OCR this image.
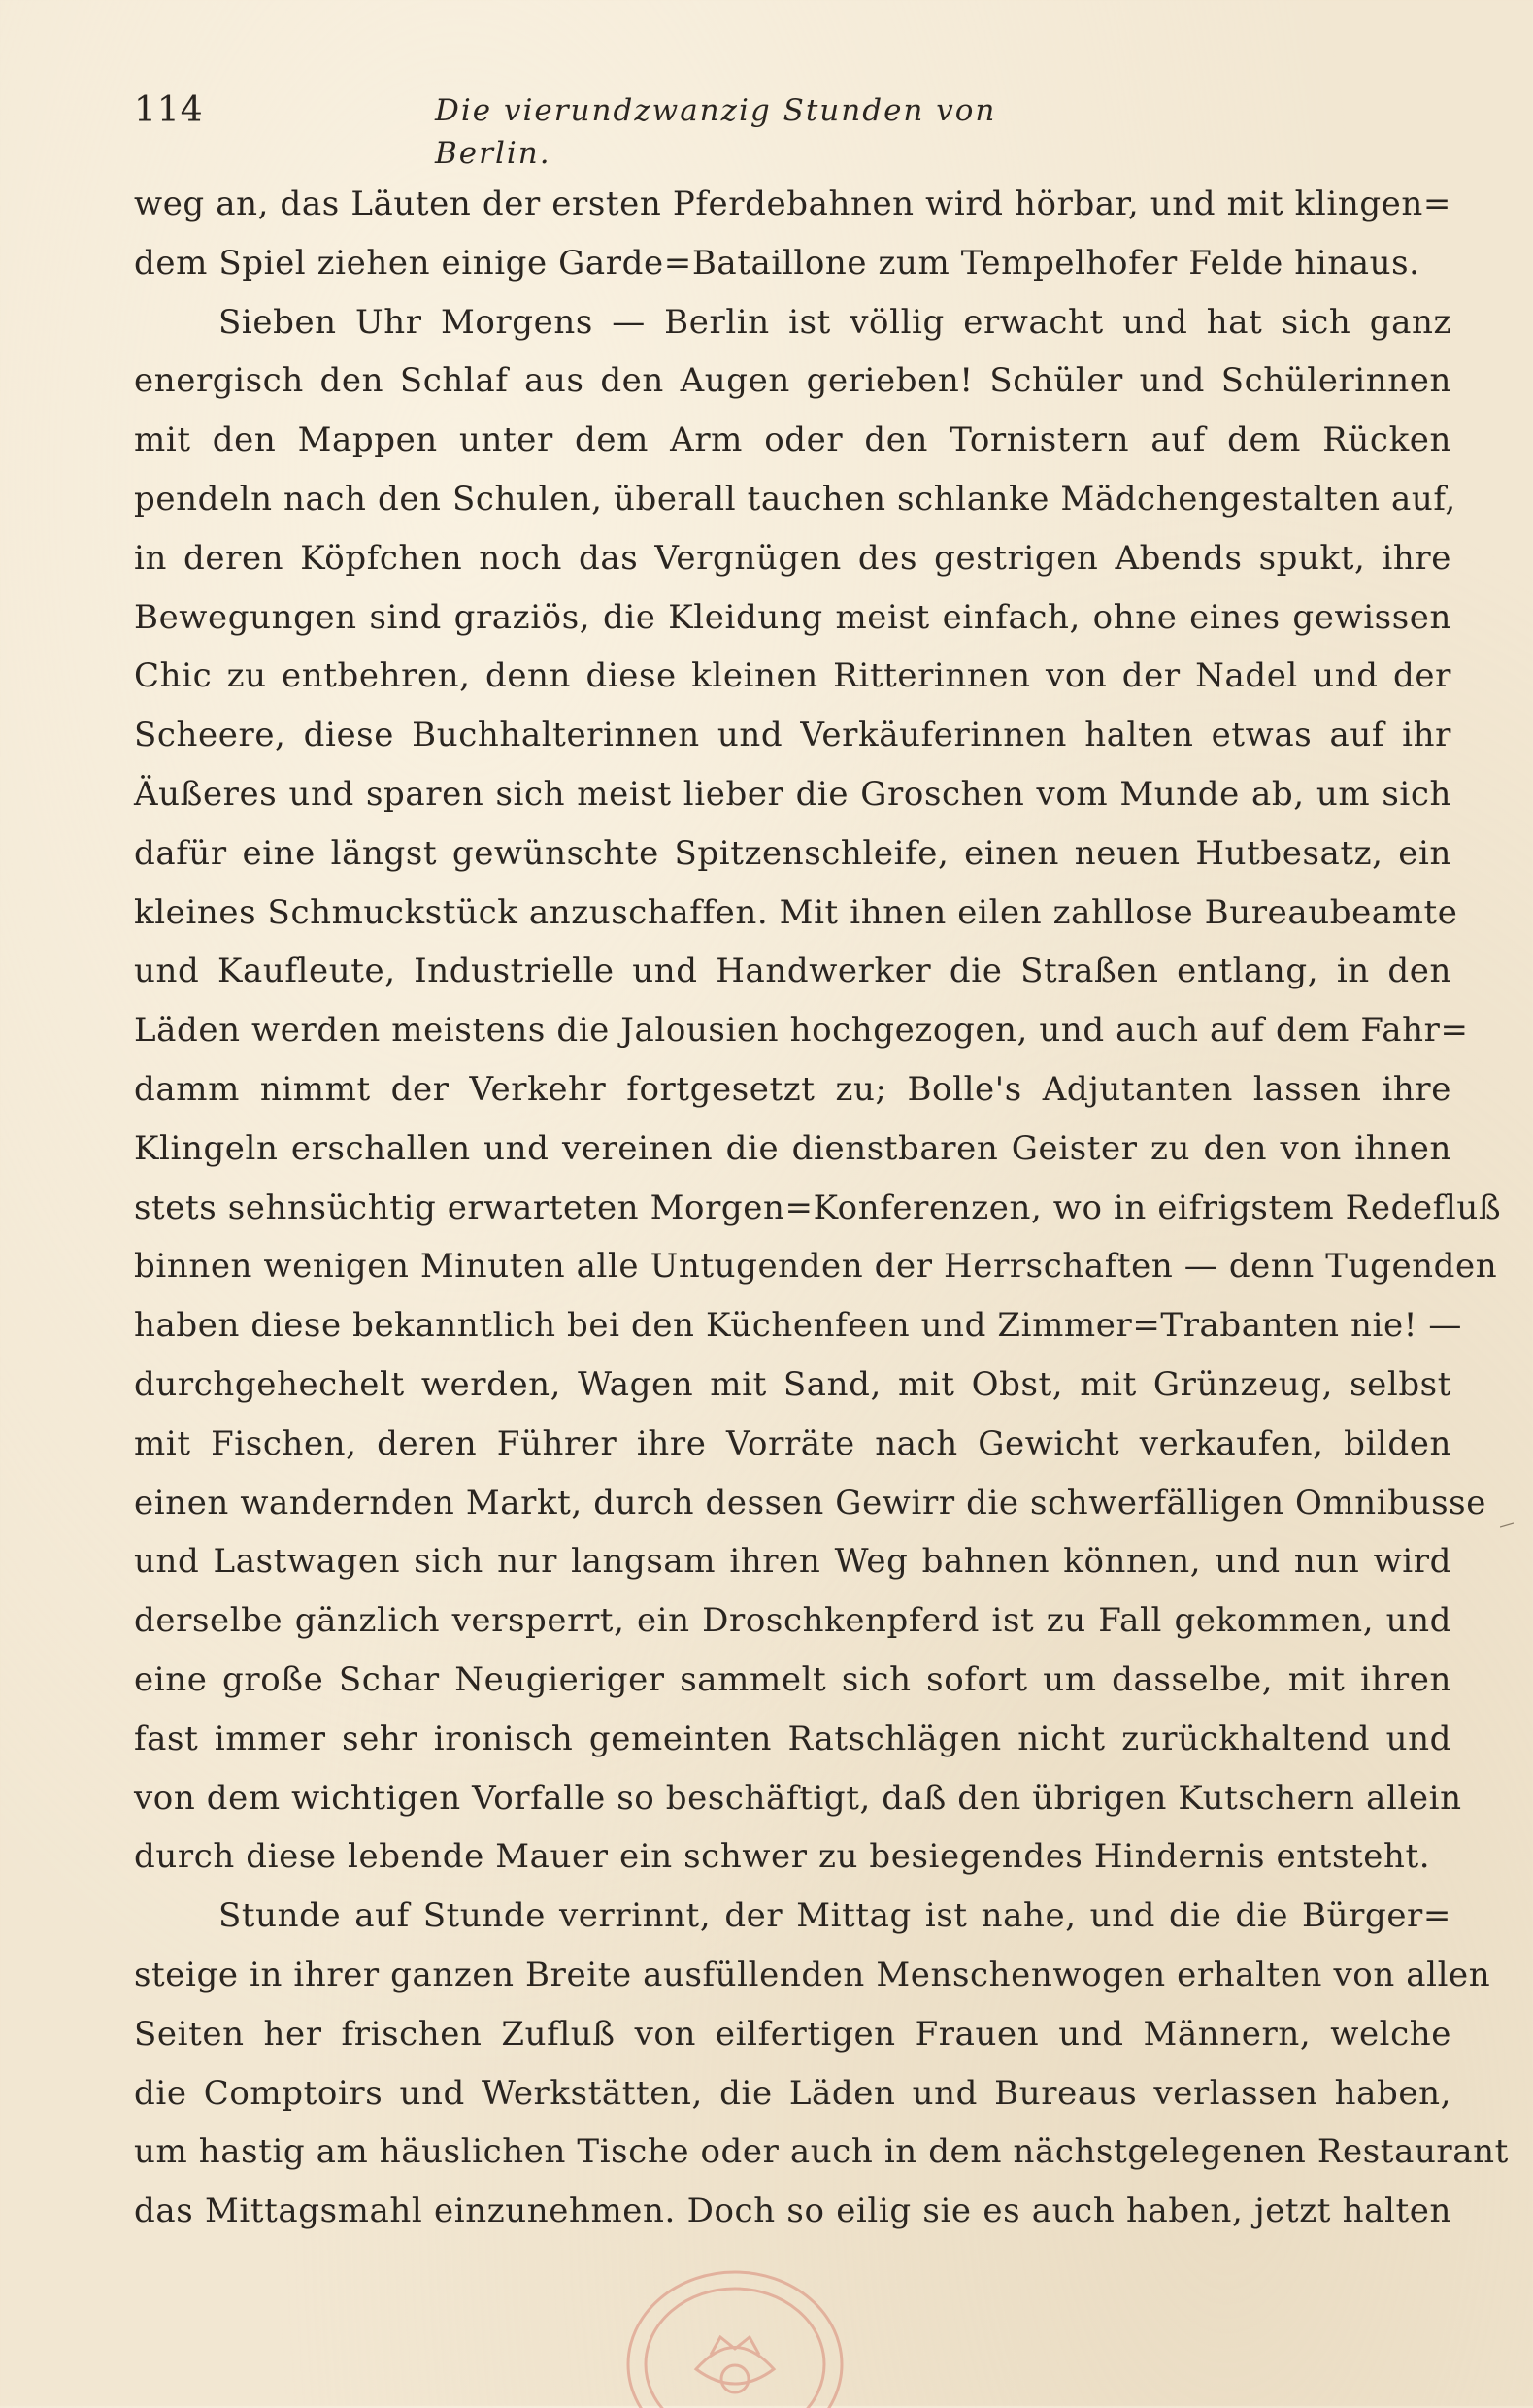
114	Die vierundzwanzig Stunden von Berlin.
weg an, das Läuten der ersten Pferdebahnen wird hörbar, und mit klingen=
dem Spiel ziehen einige Garde=Bataillone zum Tempelhofer Felde hinaus.
Sieben Uhr Morgens — Berlin ist völlig erwacht und hat sich ganz
energisch den Schlaf aus den Augen gerieben! Schüler und Schülerinnen
mit den Mappen unter dem Arm oder den Tornistern auf dem Rücken
pendeln nach den Schulen, überall tauchen schlanke Mädchengestalten auf,
in deren Köpfchen noch das Vergnügen des gestrigen Abends spukt, ihre
Bewegungen sind graziös, die Kleidung meist einfach, ohne eines gewissen
Chic zu entbehren, denn diese kleinen Ritterinnen von der Nadel und der
Scheere, diese Buchhalterinnen und Verkäuferinnen halten etwas auf ihr
Äußeres und sparen sich meist lieber die Groschen vom Munde ab, um sich
dafür eine längst gewünschte Spitzenschleife, einen neuen Hutbesatz, ein
kleines Schmuckstück anzuschaffen. Mit ihnen eilen zahllose Bureaubeamte
und Kaufleute, Industrielle und Handwerker die Straßen entlang, in den
Läden werden meistens die Jalousien hochgezogen, und auch auf dem Fahr=
damm nimmt der Verkehr fortgesetzt zu; Bolle's Adjutanten lassen ihre
Klingeln erschallen und vereinen die dienstbaren Geister zu den von ihnen
stets sehnsüchtig erwarteten Morgen=Konferenzen, wo in eifrigstem Redefluß
binnen wenigen Minuten alle Untugenden der Herrschaften — denn Tugenden
haben diese bekanntlich bei den Küchenfeen und Zimmer=Trabanten nie! —
durchgehechelt werden, Wagen mit Sand, mit Obst, mit Grünzeug, selbst
mit Fischen, deren Führer ihre Vorräte nach Gewicht verkaufen, bilden
einen wandernden Markt, durch dessen Gewirr die schwerfälligen Omnibusse
und Lastwagen sich nur langsam ihren Weg bahnen können, und nun wird
derselbe gänzlich versperrt, ein Droschkenpferd ist zu Fall gekommen, und
eine große Schar Neugieriger sammelt sich sofort um dasselbe, mit ihren
fast immer sehr ironisch gemeinten Ratschlägen nicht zurückhaltend und
von dem wichtigen Vorfalle so beschäftigt, daß den übrigen Kutschern allein
durch diese lebende Mauer ein schwer zu besiegendes Hindernis entsteht.
Stunde auf Stunde verrinnt, der Mittag ist nahe, und die die Bürger=
steige in ihrer ganzen Breite ausfüllenden Menschenwogen erhalten von allen
Seiten her frischen Zufluß von eilfertigen Frauen und Männern, welche
die Comptoirs und Werkstätten, die Läden und Bureaus verlassen haben,
um hastig am häuslichen Tische oder auch in dem nächstgelegenen Restaurant
das Mittagsmahl einzunehmen. Doch so eilig sie es auch haben, jetzt halten
